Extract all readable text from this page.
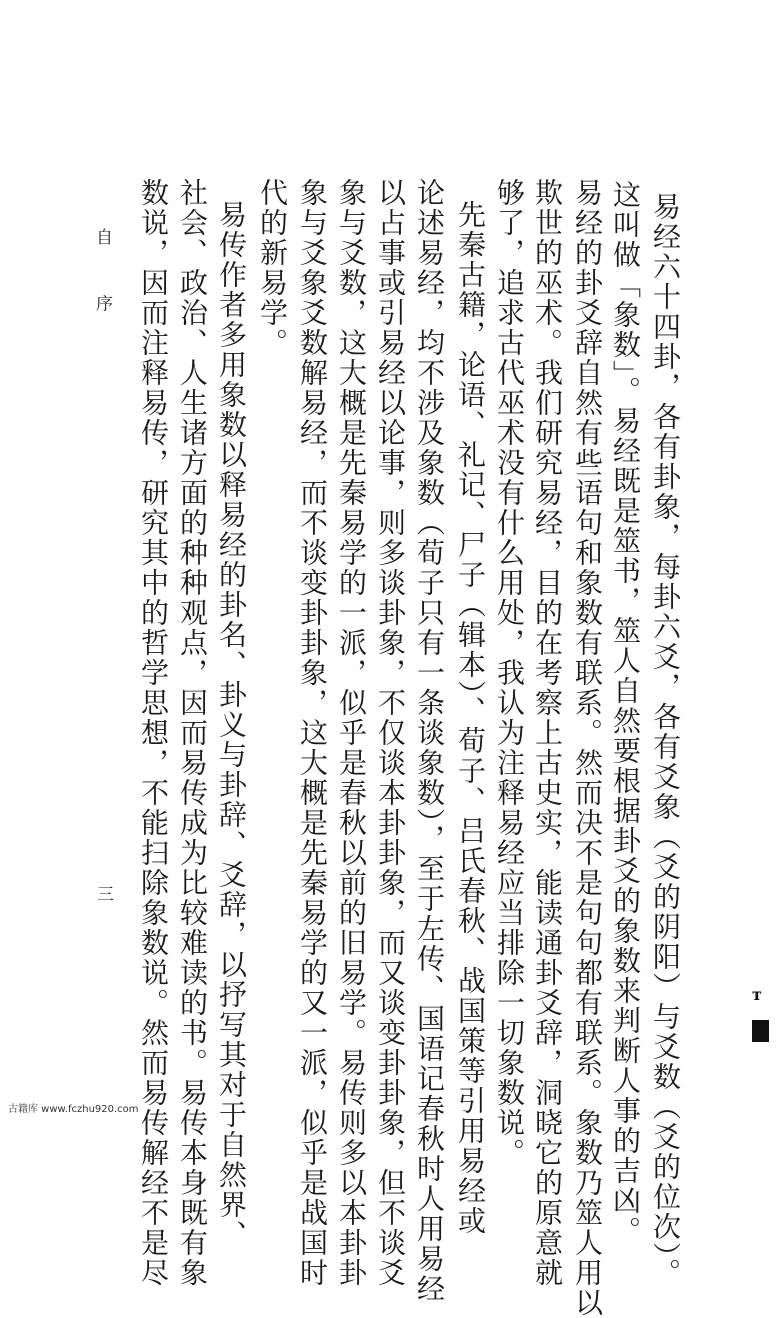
易经六十四卦，各有卦象，每卦六爻，各有爻象（爻的阴阳）与爻数（爻的位次）。
这叫做「象数」。易经既是筮书，筮人自然要根据卦爻的象数来判断人事的吉凶。
易经的卦爻辞自然有些语句和象数有联系。然而决不是句句都有联系。象数乃筮人用以
欺世的巫术。我们研究易经，目的在考察上古史实，能读通卦爻辞，洞晓它的原意就
够了，追求古代巫术没有什么用处，我认为注释易经应当排除一切象数说。
先秦古籍，论语、礼记、尸子（辑本）、荀子、吕氏春秋、战国策等引用易经或
论述易经，均不涉及象数（荀子只有一条谈象数），至于左传、国语记春秋时人用易经
以占事或引易经以论事，则多谈卦象，不仅谈本卦卦象，而又谈变卦卦象，但不谈爻
象与爻数，这大概是先秦易学的一派，似乎是春秋以前的旧易学。易传则多以本卦卦
象与爻象爻数解易经，而不谈变卦卦象，这大概是先秦易学的又一派，似乎是战国时
代的新易学。
易传作者多用象数以释易经的卦名、卦义与卦辞、爻辞，以抒写其对于自然界、
社会、政治、人生诸方面的种种观点，因而易传成为比较难读的书。易传本身既有象
数说，因而注释易传，研究其中的哲学思想，不能扫除象数说。然而易传解经不是尽
自 序
三
т
古籍库 www.fczhu920.com
